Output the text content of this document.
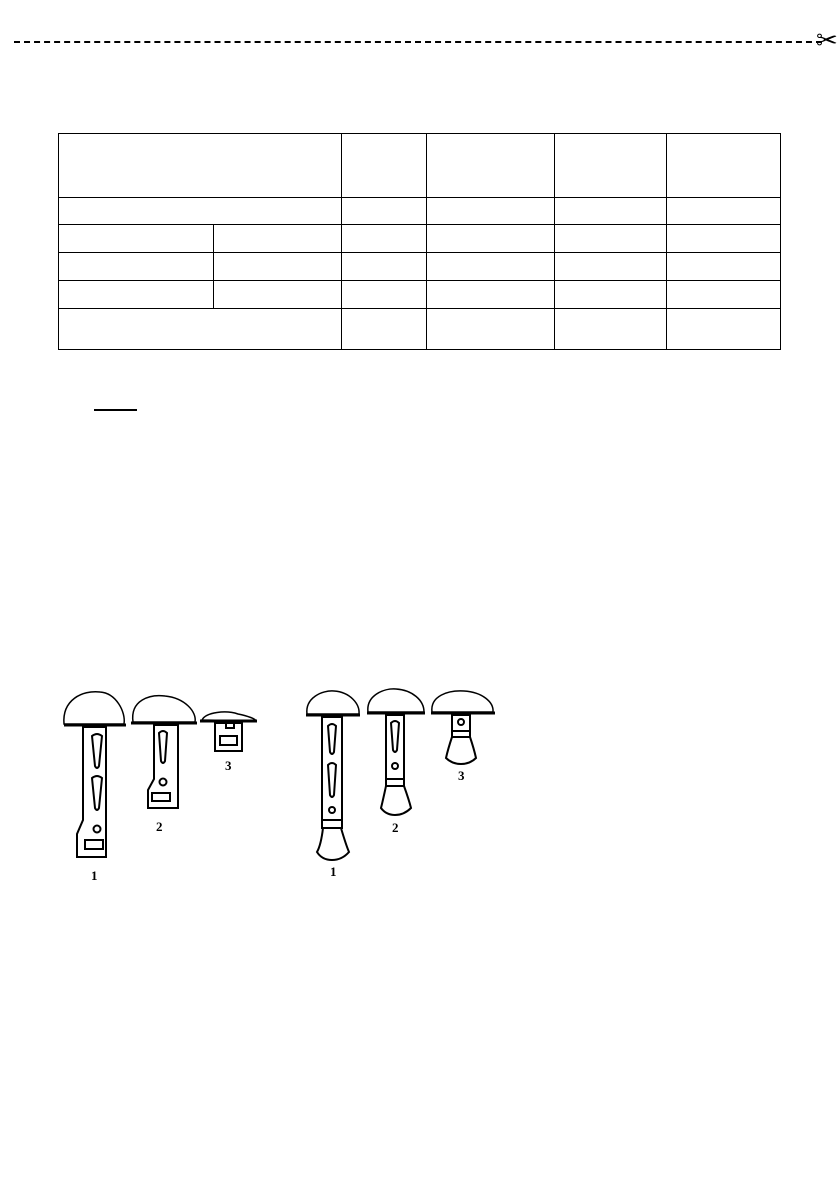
✂

1
2
3
1
2
3
